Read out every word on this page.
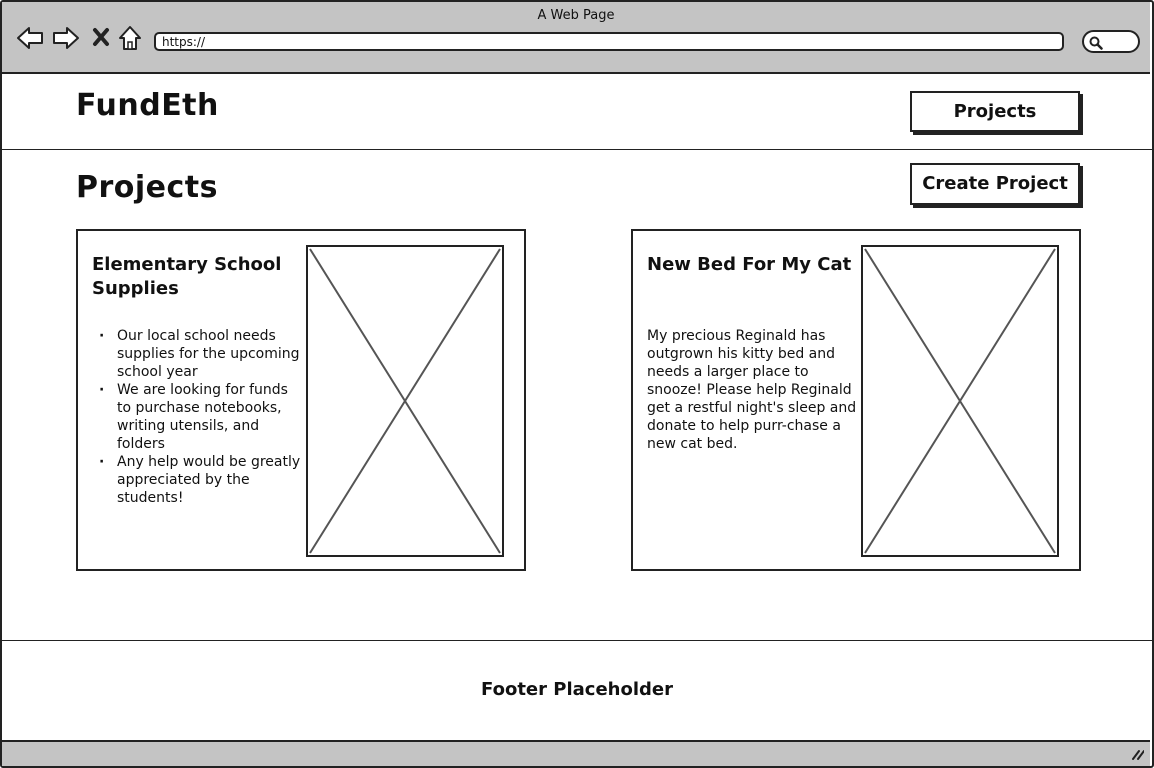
A Web Page
https://
FundEth	Projects
Projects	Create Project
Elementary School Supplies
· Our local school needs supplies for the upcoming school year
· We are looking for funds to purchase notebooks, writing utensils, and folders
· Any help would be greatly appreciated by the students!
New Bed For My Cat
My precious Reginald has outgrown his kitty bed and needs a larger place to snooze! Please help Reginald get a restful night's sleep and donate to help purr-chase a new cat bed.
Footer Placeholder
